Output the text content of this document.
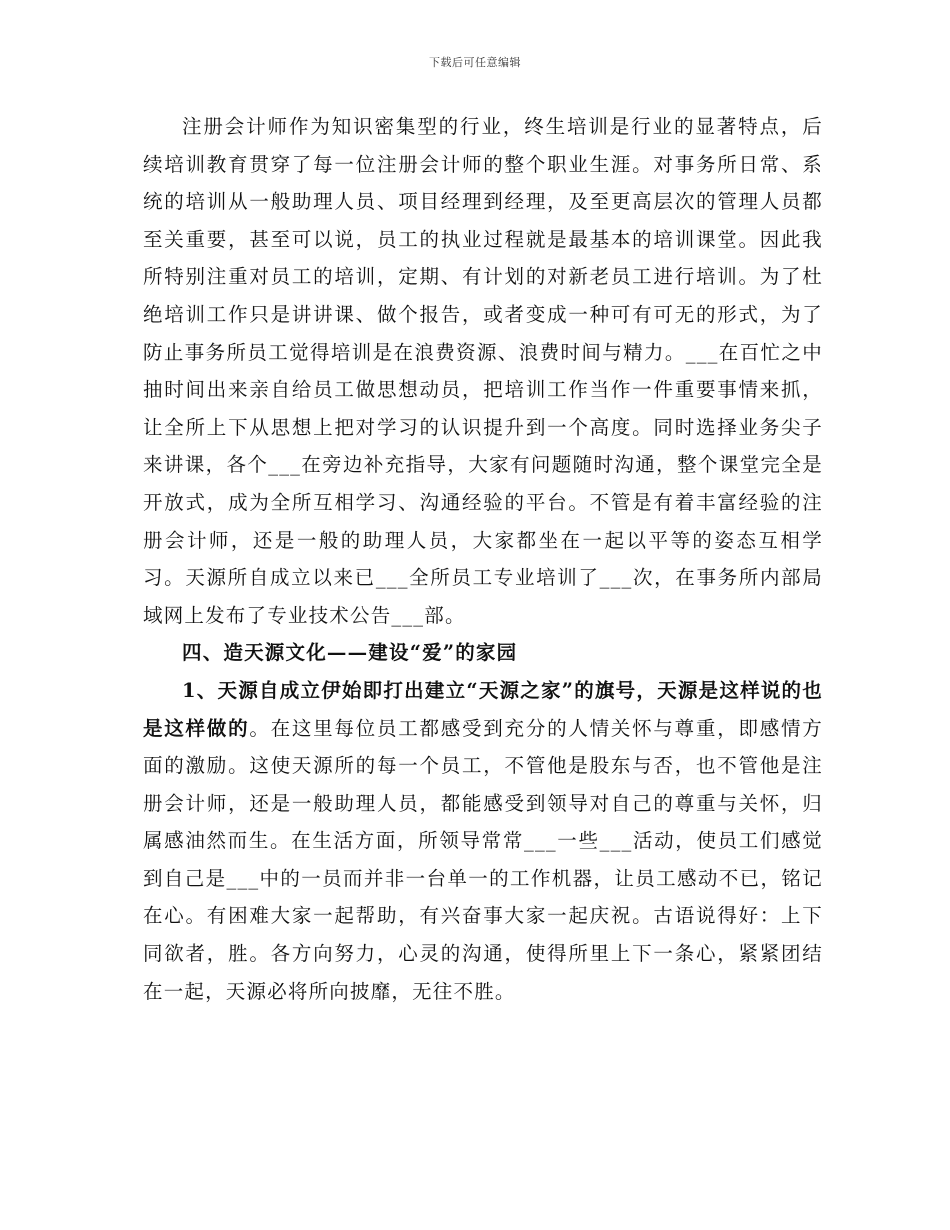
下载后可任意编辑

注册会计师作为知识密集型的行业，终生培训是行业的显著特点，后续培训教育贯穿了每一位注册会计师的整个职业生涯。对事务所日常、系统的培训从一般助理人员、项目经理到经理，及至更高层次的管理人员都至关重要，甚至可以说，员工的执业过程就是最基本的培训课堂。因此我所特别注重对员工的培训，定期、有计划的对新老员工进行培训。为了杜绝培训工作只是讲讲课、做个报告，或者变成一种可有可无的形式，为了防止事务所员工觉得培训是在浪费资源、浪费时间与精力。___在百忙之中抽时间出来亲自给员工做思想动员，把培训工作当作一件重要事情来抓，让全所上下从思想上把对学习的认识提升到一个高度。同时选择业务尖子来讲课，各个___在旁边补充指导，大家有问题随时沟通，整个课堂完全是开放式，成为全所互相学习、沟通经验的平台。不管是有着丰富经验的注册会计师，还是一般的助理人员，大家都坐在一起以平等的姿态互相学习。天源所自成立以来已___全所员工专业培训了___次，在事务所内部局域网上发布了专业技术公告___部。

四、造天源文化——建设“爱”的家园

1、天源自成立伊始即打出建立“天源之家”的旗号，天源是这样说的也是这样做的。在这里每位员工都感受到充分的人情关怀与尊重，即感情方面的激励。这使天源所的每一个员工，不管他是股东与否，也不管他是注册会计师，还是一般助理人员，都能感受到领导对自己的尊重与关怀，归属感油然而生。在生活方面，所领导常常___一些___活动，使员工们感觉到自己是___中的一员而并非一台单一的工作机器，让员工感动不已，铭记在心。有困难大家一起帮助，有兴奋事大家一起庆祝。古语说得好：上下同欲者，胜。各方向努力，心灵的沟通，使得所里上下一条心，紧紧团结在一起，天源必将所向披靡，无往不胜。
